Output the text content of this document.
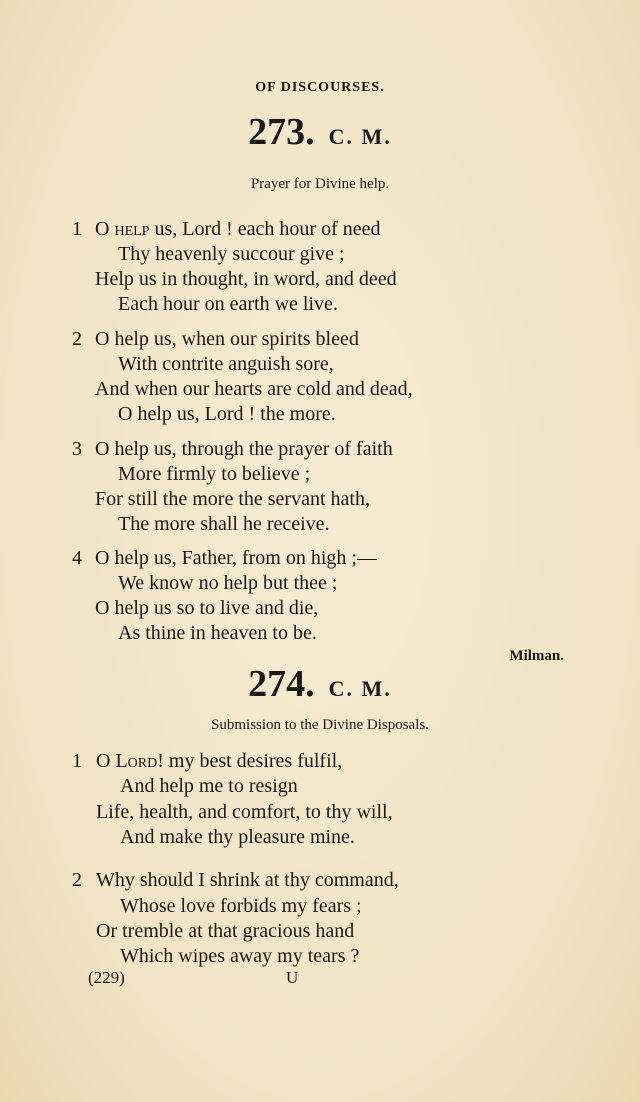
OF DISCOURSES.
273. C. M.
Prayer for Divine help.
1 O help us, Lord ! each hour of need
Thy heavenly succour give ;
Help us in thought, in word, and deed
Each hour on earth we live.
2 O help us, when our spirits bleed
With contrite anguish sore,
And when our hearts are cold and dead,
O help us, Lord ! the more.
3 O help us, through the prayer of faith
More firmly to believe ;
For still the more the servant hath,
The more shall he receive.
4 O help us, Father, from on high ;—
We know no help but thee ;
O help us so to live and die,
As thine in heaven to be.
Milman.
274. C. M.
Submission to the Divine Disposals.
1 O Lord! my best desires fulfil,
And help me to resign
Life, health, and comfort, to thy will,
And make thy pleasure mine.
2 Why should I shrink at thy command,
Whose love forbids my fears ;
Or tremble at that gracious hand
Which wipes away my tears ?
(229)	U
